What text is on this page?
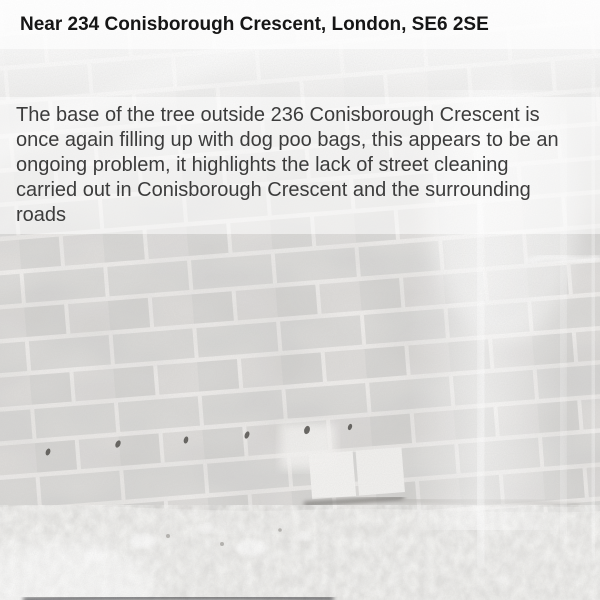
Near 234 Conisborough Crescent, London, SE6 2SE
The base of the tree outside 236 Conisborough Crescent is once again filling up with dog poo bags, this appears to be an ongoing problem, it highlights the lack of street cleaning carried out in Conisborough Crescent and the surrounding roads
